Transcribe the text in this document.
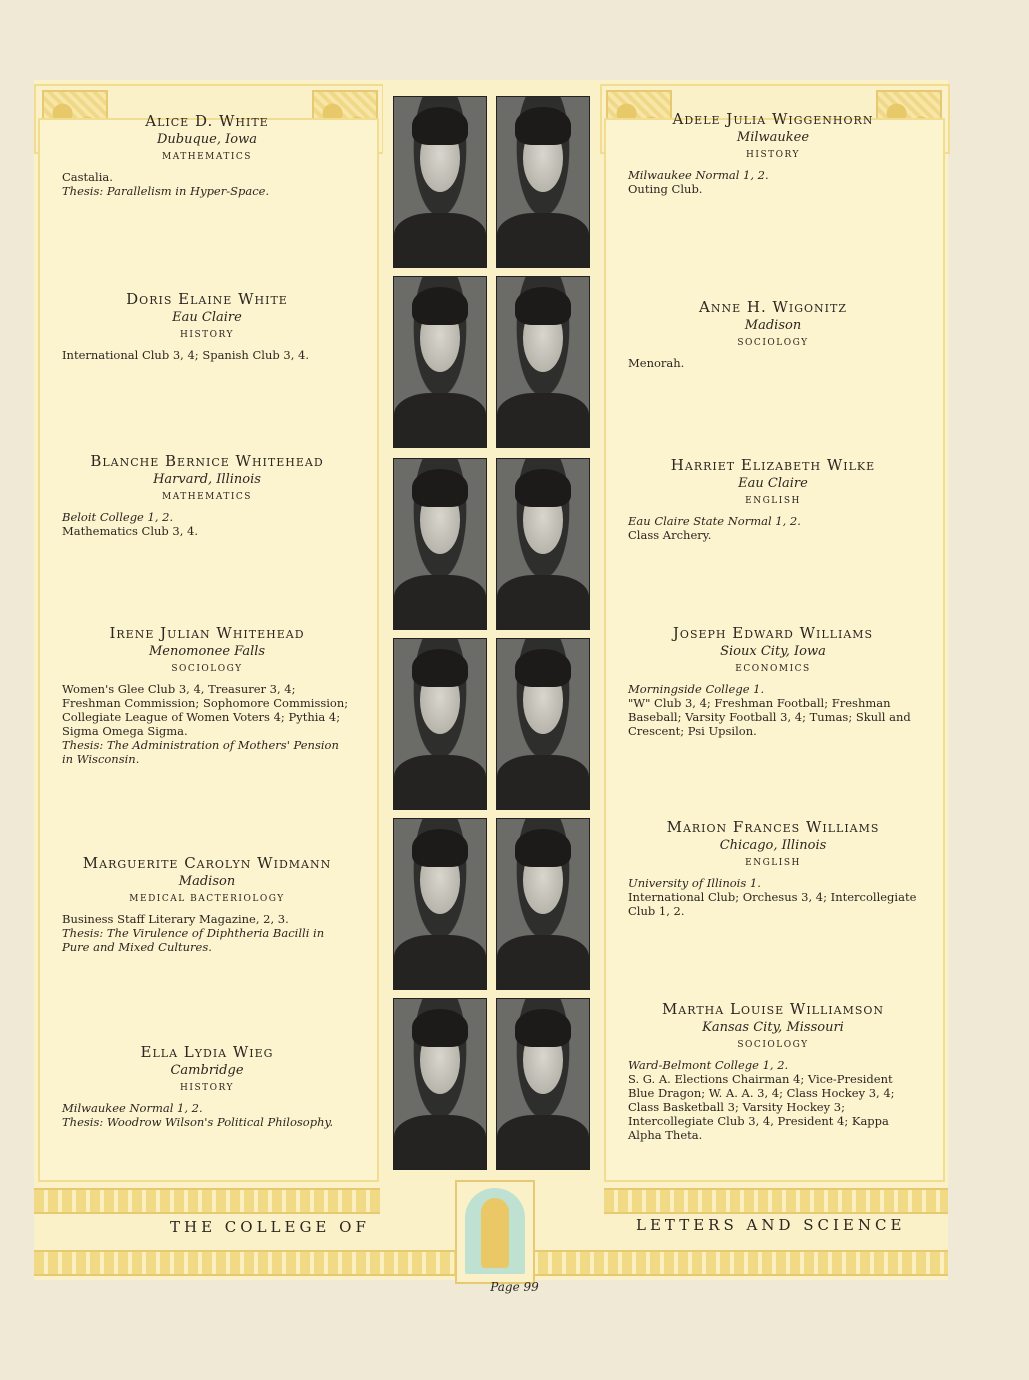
Alice D. White
Dubuque, Iowa
MATHEMATICS
Castalia.
Thesis: Parallelism in Hyper-Space.
Doris Elaine White
Eau Claire
HISTORY
International Club 3, 4; Spanish Club 3, 4.
Blanche Bernice Whitehead
Harvard, Illinois
MATHEMATICS
Beloit College 1, 2.
Mathematics Club 3, 4.
Irene Julian Whitehead
Menomonee Falls
SOCIOLOGY
Women's Glee Club 3, 4, Treasurer 3, 4; Freshman Commission; Sophomore Commission; Collegiate League of Women Voters 4; Pythia 4; Sigma Omega Sigma.
Thesis: The Administration of Mothers' Pension in Wisconsin.
Marguerite Carolyn Widmann
Madison
MEDICAL BACTERIOLOGY
Business Staff Literary Magazine, 2, 3.
Thesis: The Virulence of Diphtheria Bacilli in Pure and Mixed Cultures.
Ella Lydia Wieg
Cambridge
HISTORY
Milwaukee Normal 1, 2.
Thesis: Woodrow Wilson's Political Philosophy.
Adele Julia Wiggenhorn
Milwaukee
HISTORY
Milwaukee Normal 1, 2.
Outing Club.
Anne H. Wigonitz
Madison
SOCIOLOGY
Menorah.
Harriet Elizabeth Wilke
Eau Claire
ENGLISH
Eau Claire State Normal 1, 2.
Class Archery.
Joseph Edward Williams
Sioux City, Iowa
ECONOMICS
Morningside College 1.
"W" Club 3, 4; Freshman Football; Freshman Baseball; Varsity Football 3, 4; Tumas; Skull and Crescent; Psi Upsilon.
Marion Frances Williams
Chicago, Illinois
ENGLISH
University of Illinois 1.
International Club; Orchesus 3, 4; Intercollegiate Club 1, 2.
Martha Louise Williamson
Kansas City, Missouri
SOCIOLOGY
Ward-Belmont College 1, 2.
S. G. A. Elections Chairman 4; Vice-President Blue Dragon; W. A. A. 3, 4; Class Hockey 3, 4; Class Basketball 3; Varsity Hockey 3; Intercollegiate Club 3, 4, President 4; Kappa Alpha Theta.
THE COLLEGE OF	LETTERS AND SCIENCE
Page 99
